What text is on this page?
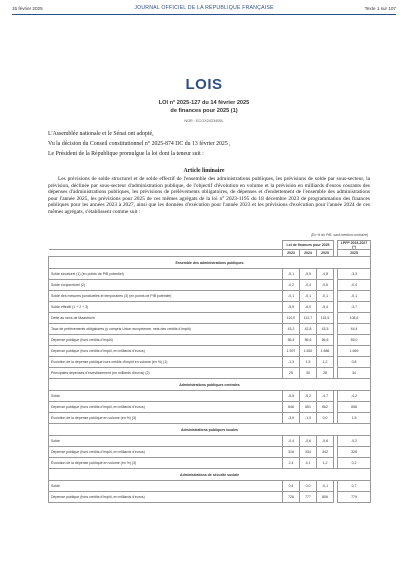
15 février 2025	JOURNAL OFFICIEL DE LA RÉPUBLIQUE FRANÇAISE	Texte 1 sur 107
LOIS
LOI n° 2025-127 du 14 février 2025
de finances pour 2025 (1)
NOR : ECOX2423405L
L'Assemblée nationale et le Sénat ont adopté,
Vu la décision du Conseil constitutionnel n° 2025-874 DC du 13 février 2025 ,
Le Président de la République promulgue la loi dont la teneur suit :
Article liminaire
Les prévisions de solde structurel et de solde effectif de l'ensemble des administrations publiques, les prévisions de solde par sous-secteur, la prévision, déclinée par sous-secteur d'administration publique, de l'objectif d'évolution en volume et la prévision en milliards d'euros courants des dépenses d'administrations publiques, les prévisions de prélèvements obligatoires, de dépenses et d'endettement de l'ensemble des administrations pour l'année 2025, les prévisions pour 2025 de ces mêmes agrégats de la loi n° 2023-1195 du 18 décembre 2023 de programmation des finances publiques pour les années 2023 à 2027, ainsi que les données d'exécution pour l'année 2023 et les prévisions d'exécution pour l'année 2024 de ces mêmes agrégats, s'établissent comme suit :
(En % du PIB, sauf mention contraire)
	Loi de finances pour 2025				LPFP 2023-2027 (*)
	2023	2024	2025		2025
Ensemble des administrations publiques					
Solde structurel (1) (en points de PIB potentiel)	-5,1	-5,5	-4,8		-3,3
Solde conjoncturel (2)	-0,2	-0,4	-0,6		-0,4
Solde des mesures ponctuelles et temporaires (3) (en points de PIB potentiel)	-0,1	-0,1	-0,1		-0,1
Solde effectif (1 + 2 + 3)	-5,5	-6,0	-5,4		-3,7
Dette au sens de Maastricht	110,0	112,7	115,5		108,6
Taux de prélèvements obligatoires (y compris Union européenne, nets des crédits d'impôt)	43,2	42,8	43,5		44,4
Dépense publique (hors crédits d'impôt)	56,4	56,6	56,6		55,0
Dépense publique (hors crédits d'impôt, en milliards d'euros)	1 597	1 652	1 686		1 669
Évolution de la dépense publique hors crédits d'impôt en volume (en %) (1)	-1,3	1,5	1,2		0,8
Principales dépenses d'investissement (en milliards d'euros) (2)	25	30	28		34
Administrations publiques centrales					
Solde	-5,5	-5,2	-4,7		-4,2
Dépense publique (hors crédits d'impôt, en milliards d'euros)	646	651	662		658
Évolution de la dépense publique en volume (en %) (3)	-3,9	-1,0	0,0		1,5
Administrations publiques locales					
Solde	-0,4	-0,6	-0,6		-0,2
Dépense publique (hors crédits d'impôt, en milliards d'euros)	316	334	342		328
Évolution de la dépense publique en volume (en %) (3)	2,4	4,1	1,2		0,2
Administrations de sécurité sociale					
Solde	0,4	0,0	-0,1		0,7
Dépense publique (hors crédits d'impôt, en milliards d'euros)	726	777	806		779
